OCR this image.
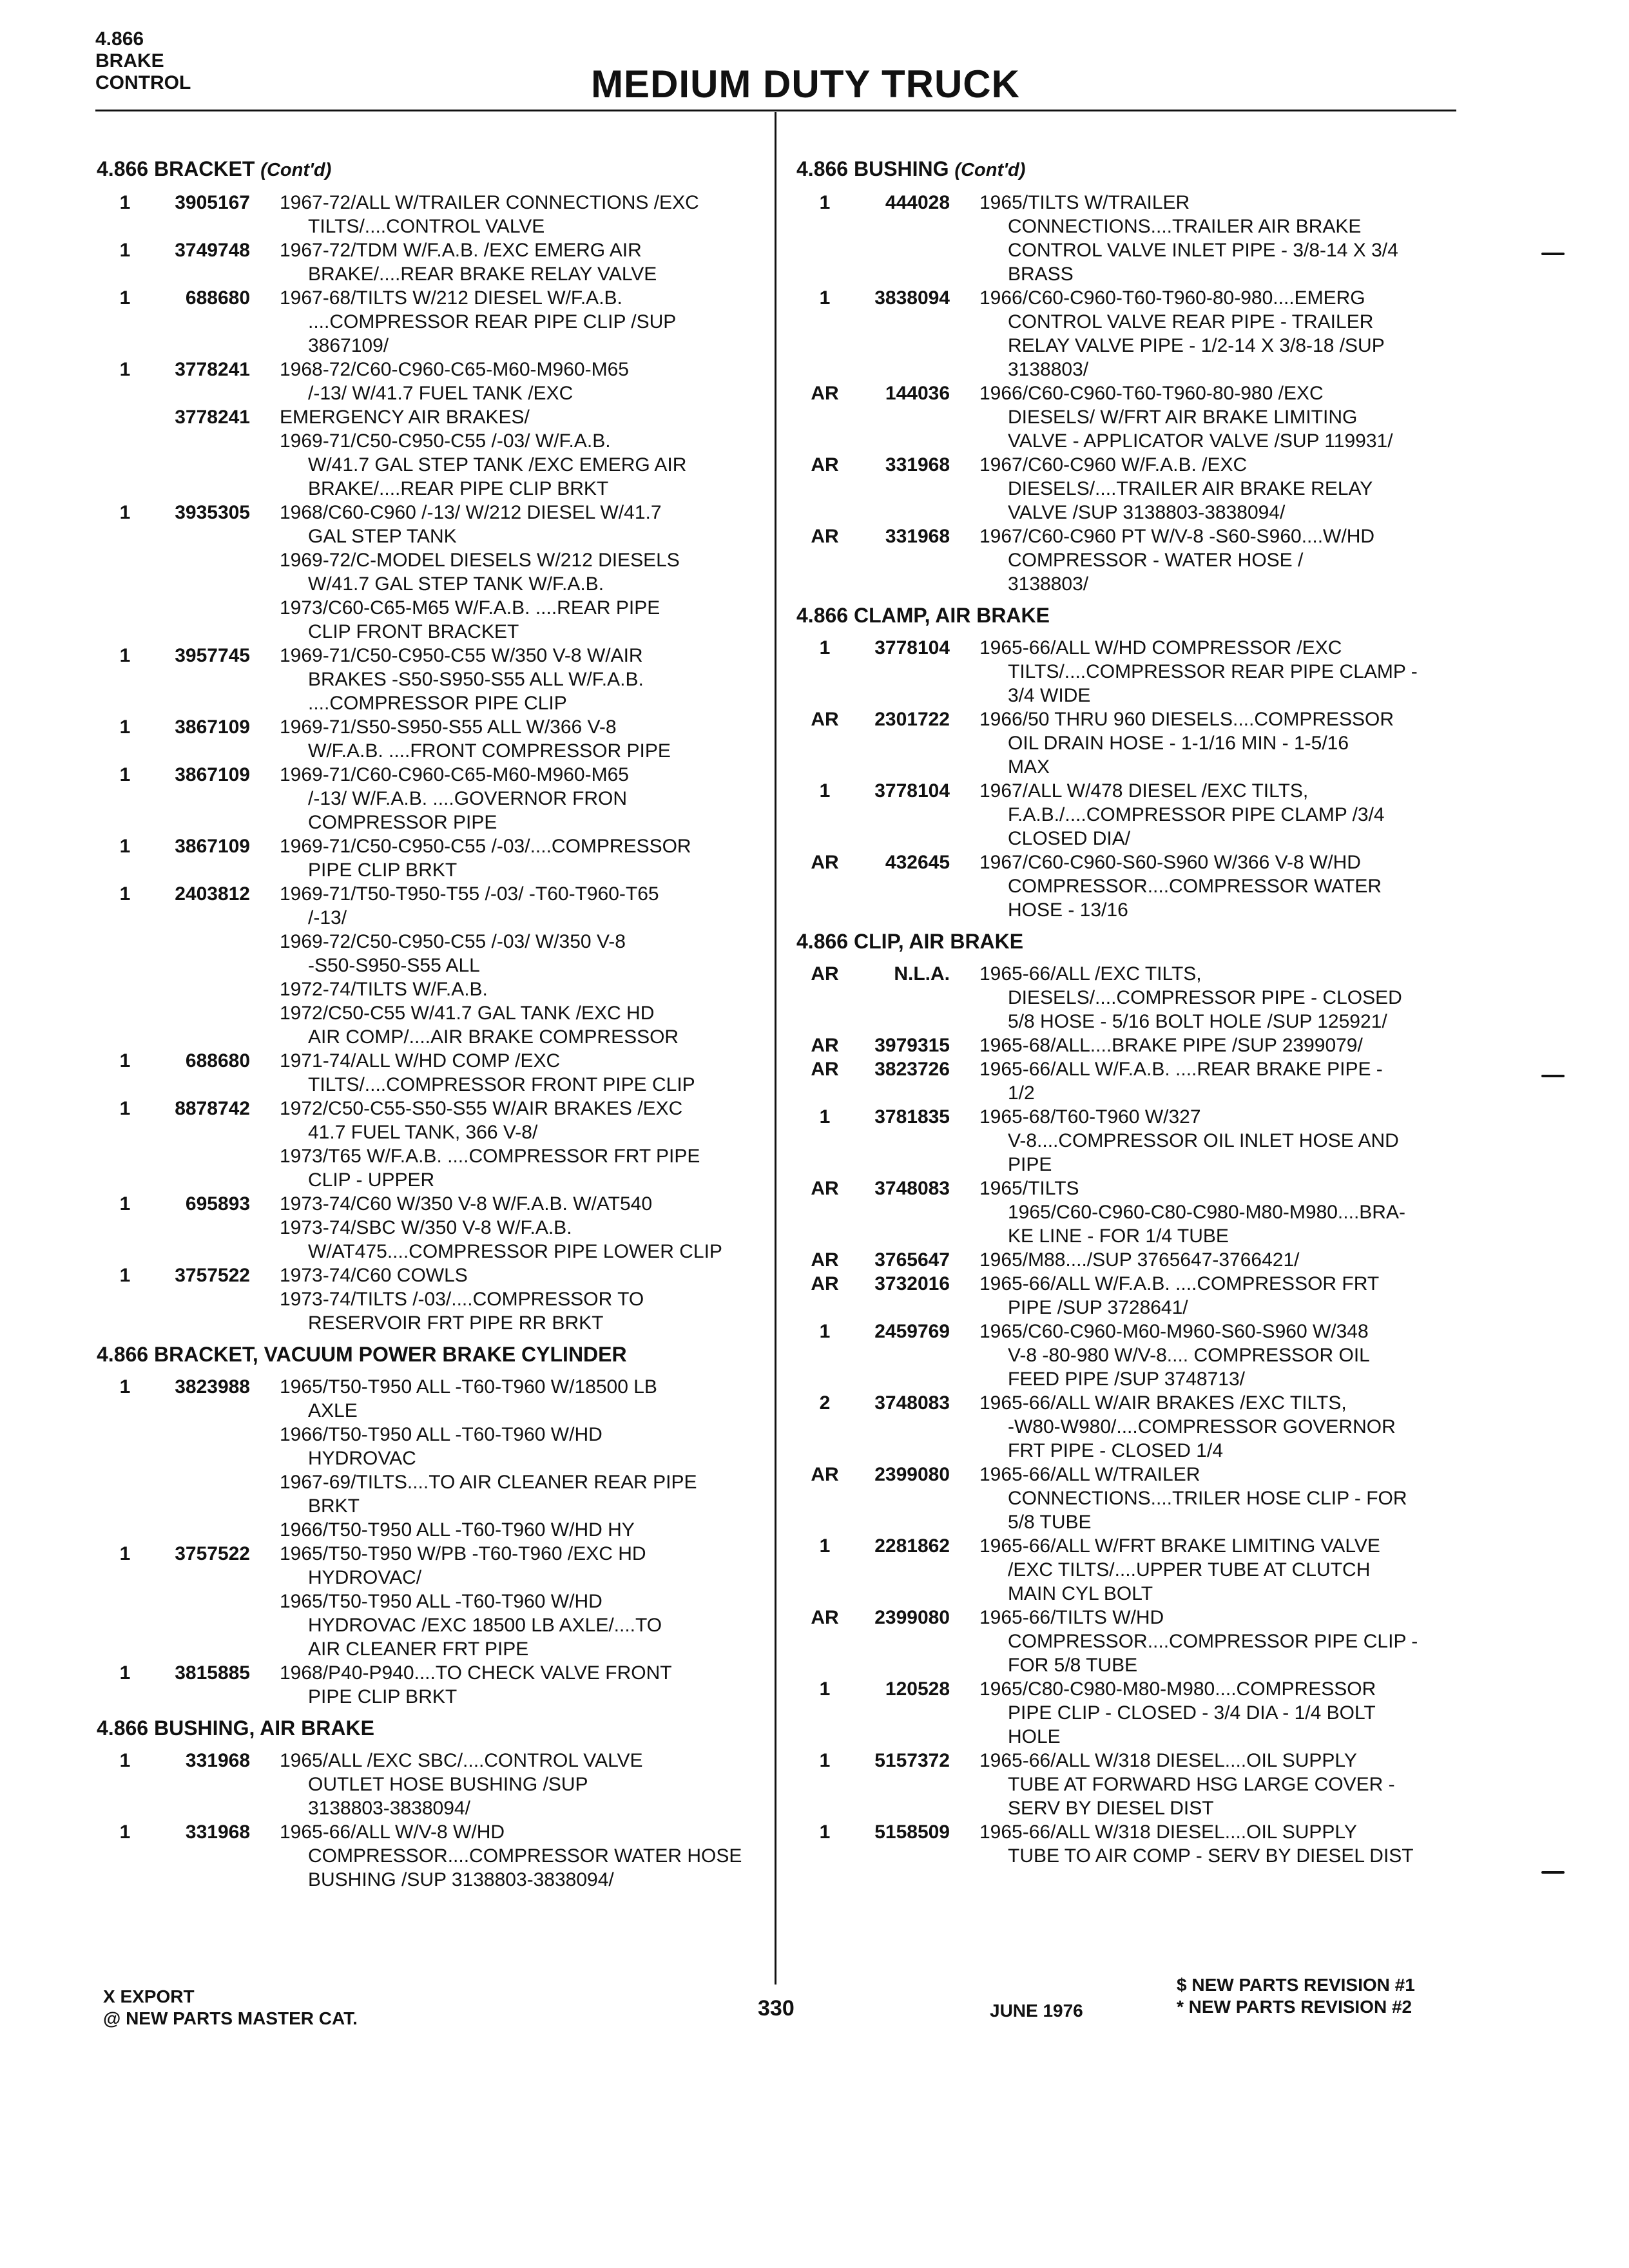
4.866
BRAKE
CONTROL	MEDIUM DUTY TRUCK
4.866 BRACKET (Cont'd)
1	3905167 1967-72/ALL W/TRAILER CONNECTIONS /EXC
TILTS/....CONTROL VALVE
1	3749748 1967-72/TDM W/F.A.B. /EXC EMERG AIR
BRAKE/....REAR BRAKE RELAY VALVE
1	688680 1967-68/TILTS W/212 DIESEL W/F.A.B.
....COMPRESSOR REAR PIPE CLIP /SUP
3867109/
1	3778241 1968-72/C60-C960-C65-M60-M960-M65
/-13/ W/41.7 FUEL TANK /EXC
3778241 EMERGENCY AIR BRAKES/
1969-71/C50-C950-C55 /-03/ W/F.A.B.
W/41.7 GAL STEP TANK /EXC EMERG AIR
BRAKE/....REAR PIPE CLIP BRKT
1	3935305 1968/C60-C960 /-13/ W/212 DIESEL W/41.7
GAL STEP TANK
1969-72/C-MODEL DIESELS W/212 DIESELS
W/41.7 GAL STEP TANK W/F.A.B.
1973/C60-C65-M65 W/F.A.B. ....REAR PIPE
CLIP FRONT BRACKET
1	3957745 1969-71/C50-C950-C55 W/350 V-8 W/AIR
BRAKES -S50-S950-S55 ALL W/F.A.B.
....COMPRESSOR PIPE CLIP
1	3867109 1969-71/S50-S950-S55 ALL W/366 V-8
W/F.A.B. ....FRONT COMPRESSOR PIPE
1	3867109 1969-71/C60-C960-C65-M60-M960-M65
/-13/ W/F.A.B. ....GOVERNOR FRON
COMPRESSOR PIPE
1	3867109 1969-71/C50-C950-C55 /-03/....COMPRESSOR
PIPE CLIP BRKT
1	2403812 1969-71/T50-T950-T55 /-03/ -T60-T960-T65
/-13/
1969-72/C50-C950-C55 /-03/ W/350 V-8
-S50-S950-S55 ALL
1972-74/TILTS W/F.A.B.
1972/C50-C55 W/41.7 GAL TANK /EXC HD
AIR COMP/....AIR BRAKE COMPRESSOR
1	688680 1971-74/ALL W/HD COMP /EXC
TILTS/....COMPRESSOR FRONT PIPE CLIP
1	8878742 1972/C50-C55-S50-S55 W/AIR BRAKES /EXC
41.7 FUEL TANK, 366 V-8/
1973/T65 W/F.A.B. ....COMPRESSOR FRT PIPE
CLIP - UPPER
1	695893 1973-74/C60 W/350 V-8 W/F.A.B. W/AT540
1973-74/SBC W/350 V-8 W/F.A.B.
W/AT475....COMPRESSOR PIPE LOWER CLIP
1	3757522 1973-74/C60 COWLS
1973-74/TILTS /-03/....COMPRESSOR TO
RESERVOIR FRT PIPE RR BRKT
4.866 BRACKET, VACUUM POWER BRAKE CYLINDER
1	3823988 1965/T50-T950 ALL -T60-T960 W/18500 LB
AXLE
1966/T50-T950 ALL -T60-T960 W/HD
HYDROVAC
1967-69/TILTS....TO AIR CLEANER REAR PIPE
BRKT
1966/T50-T950 ALL -T60-T960 W/HD HY
1	3757522 1965/T50-T950 W/PB -T60-T960 /EXC HD
HYDROVAC/
1965/T50-T950 ALL -T60-T960 W/HD
HYDROVAC /EXC 18500 LB AXLE/....TO
AIR CLEANER FRT PIPE
1	3815885 1968/P40-P940....TO CHECK VALVE FRONT
PIPE CLIP BRKT
4.866 BUSHING, AIR BRAKE
1	331968 1965/ALL /EXC SBC/....CONTROL VALVE
OUTLET HOSE BUSHING /SUP
3138803-3838094/
1	331968 1965-66/ALL W/V-8 W/HD
COMPRESSOR....COMPRESSOR WATER HOSE
BUSHING /SUP 3138803-3838094/
4.866 BUSHING (Cont'd)
1	444028 1965/TILTS W/TRAILER
CONNECTIONS....TRAILER AIR BRAKE
CONTROL VALVE INLET PIPE - 3/8-14 X 3/4
BRASS
1	3838094 1966/C60-C960-T60-T960-80-980....EMERG
CONTROL VALVE REAR PIPE - TRAILER
RELAY VALVE PIPE - 1/2-14 X 3/8-18 /SUP
3138803/
AR	144036 1966/C60-C960-T60-T960-80-980 /EXC
DIESELS/ W/FRT AIR BRAKE LIMITING
VALVE - APPLICATOR VALVE /SUP 119931/
AR	331968 1967/C60-C960 W/F.A.B. /EXC
DIESELS/....TRAILER AIR BRAKE RELAY
VALVE /SUP 3138803-3838094/
AR	331968 1967/C60-C960 PT W/V-8 -S60-S960....W/HD
COMPRESSOR - WATER HOSE /
3138803/
4.866 CLAMP, AIR BRAKE
1	3778104 1965-66/ALL W/HD COMPRESSOR /EXC
TILTS/....COMPRESSOR REAR PIPE CLAMP -
3/4 WIDE
AR	2301722 1966/50 THRU 960 DIESELS....COMPRESSOR
OIL DRAIN HOSE - 1-1/16 MIN - 1-5/16
MAX
1	3778104 1967/ALL W/478 DIESEL /EXC TILTS,
F.A.B./....COMPRESSOR PIPE CLAMP /3/4
CLOSED DIA/
AR	432645 1967/C60-C960-S60-S960 W/366 V-8 W/HD
COMPRESSOR....COMPRESSOR WATER
HOSE - 13/16
4.866 CLIP, AIR BRAKE
AR	N.L.A. 1965-66/ALL /EXC TILTS,
DIESELS/....COMPRESSOR PIPE - CLOSED
5/8 HOSE - 5/16 BOLT HOLE /SUP 125921/
AR	3979315 1965-68/ALL....BRAKE PIPE /SUP 2399079/
AR	3823726 1965-66/ALL W/F.A.B. ....REAR BRAKE PIPE -
1/2
1	3781835 1965-68/T60-T960 W/327
V-8....COMPRESSOR OIL INLET HOSE AND
PIPE
AR	3748083 1965/TILTS
1965/C60-C960-C80-C980-M80-M980....BRA-
KE LINE - FOR 1/4 TUBE
AR	3765647 1965/M88..../SUP 3765647-3766421/
AR	3732016 1965-66/ALL W/F.A.B. ....COMPRESSOR FRT
PIPE /SUP 3728641/
1	2459769 1965/C60-C960-M60-M960-S60-S960 W/348
V-8 -80-980 W/V-8.... COMPRESSOR OIL
FEED PIPE /SUP 3748713/
2	3748083 1965-66/ALL W/AIR BRAKES /EXC TILTS,
-W80-W980/....COMPRESSOR GOVERNOR
FRT PIPE - CLOSED 1/4
AR	2399080 1965-66/ALL W/TRAILER
CONNECTIONS....TRILER HOSE CLIP - FOR
5/8 TUBE
1	2281862 1965-66/ALL W/FRT BRAKE LIMITING VALVE
/EXC TILTS/....UPPER TUBE AT CLUTCH
MAIN CYL BOLT
AR	2399080 1965-66/TILTS W/HD
COMPRESSOR....COMPRESSOR PIPE CLIP -
FOR 5/8 TUBE
1	120528 1965/C80-C980-M80-M980....COMPRESSOR
PIPE CLIP - CLOSED - 3/4 DIA - 1/4 BOLT
HOLE
1	5157372 1965-66/ALL W/318 DIESEL....OIL SUPPLY
TUBE AT FORWARD HSG LARGE COVER -
SERV BY DIESEL DIST
1	5158509 1965-66/ALL W/318 DIESEL....OIL SUPPLY
TUBE TO AIR COMP - SERV BY DIESEL DIST
X EXPORT
@ NEW PARTS MASTER CAT.	330	JUNE 1976
$ NEW PARTS REVISION #1
* NEW PARTS REVISION #2
